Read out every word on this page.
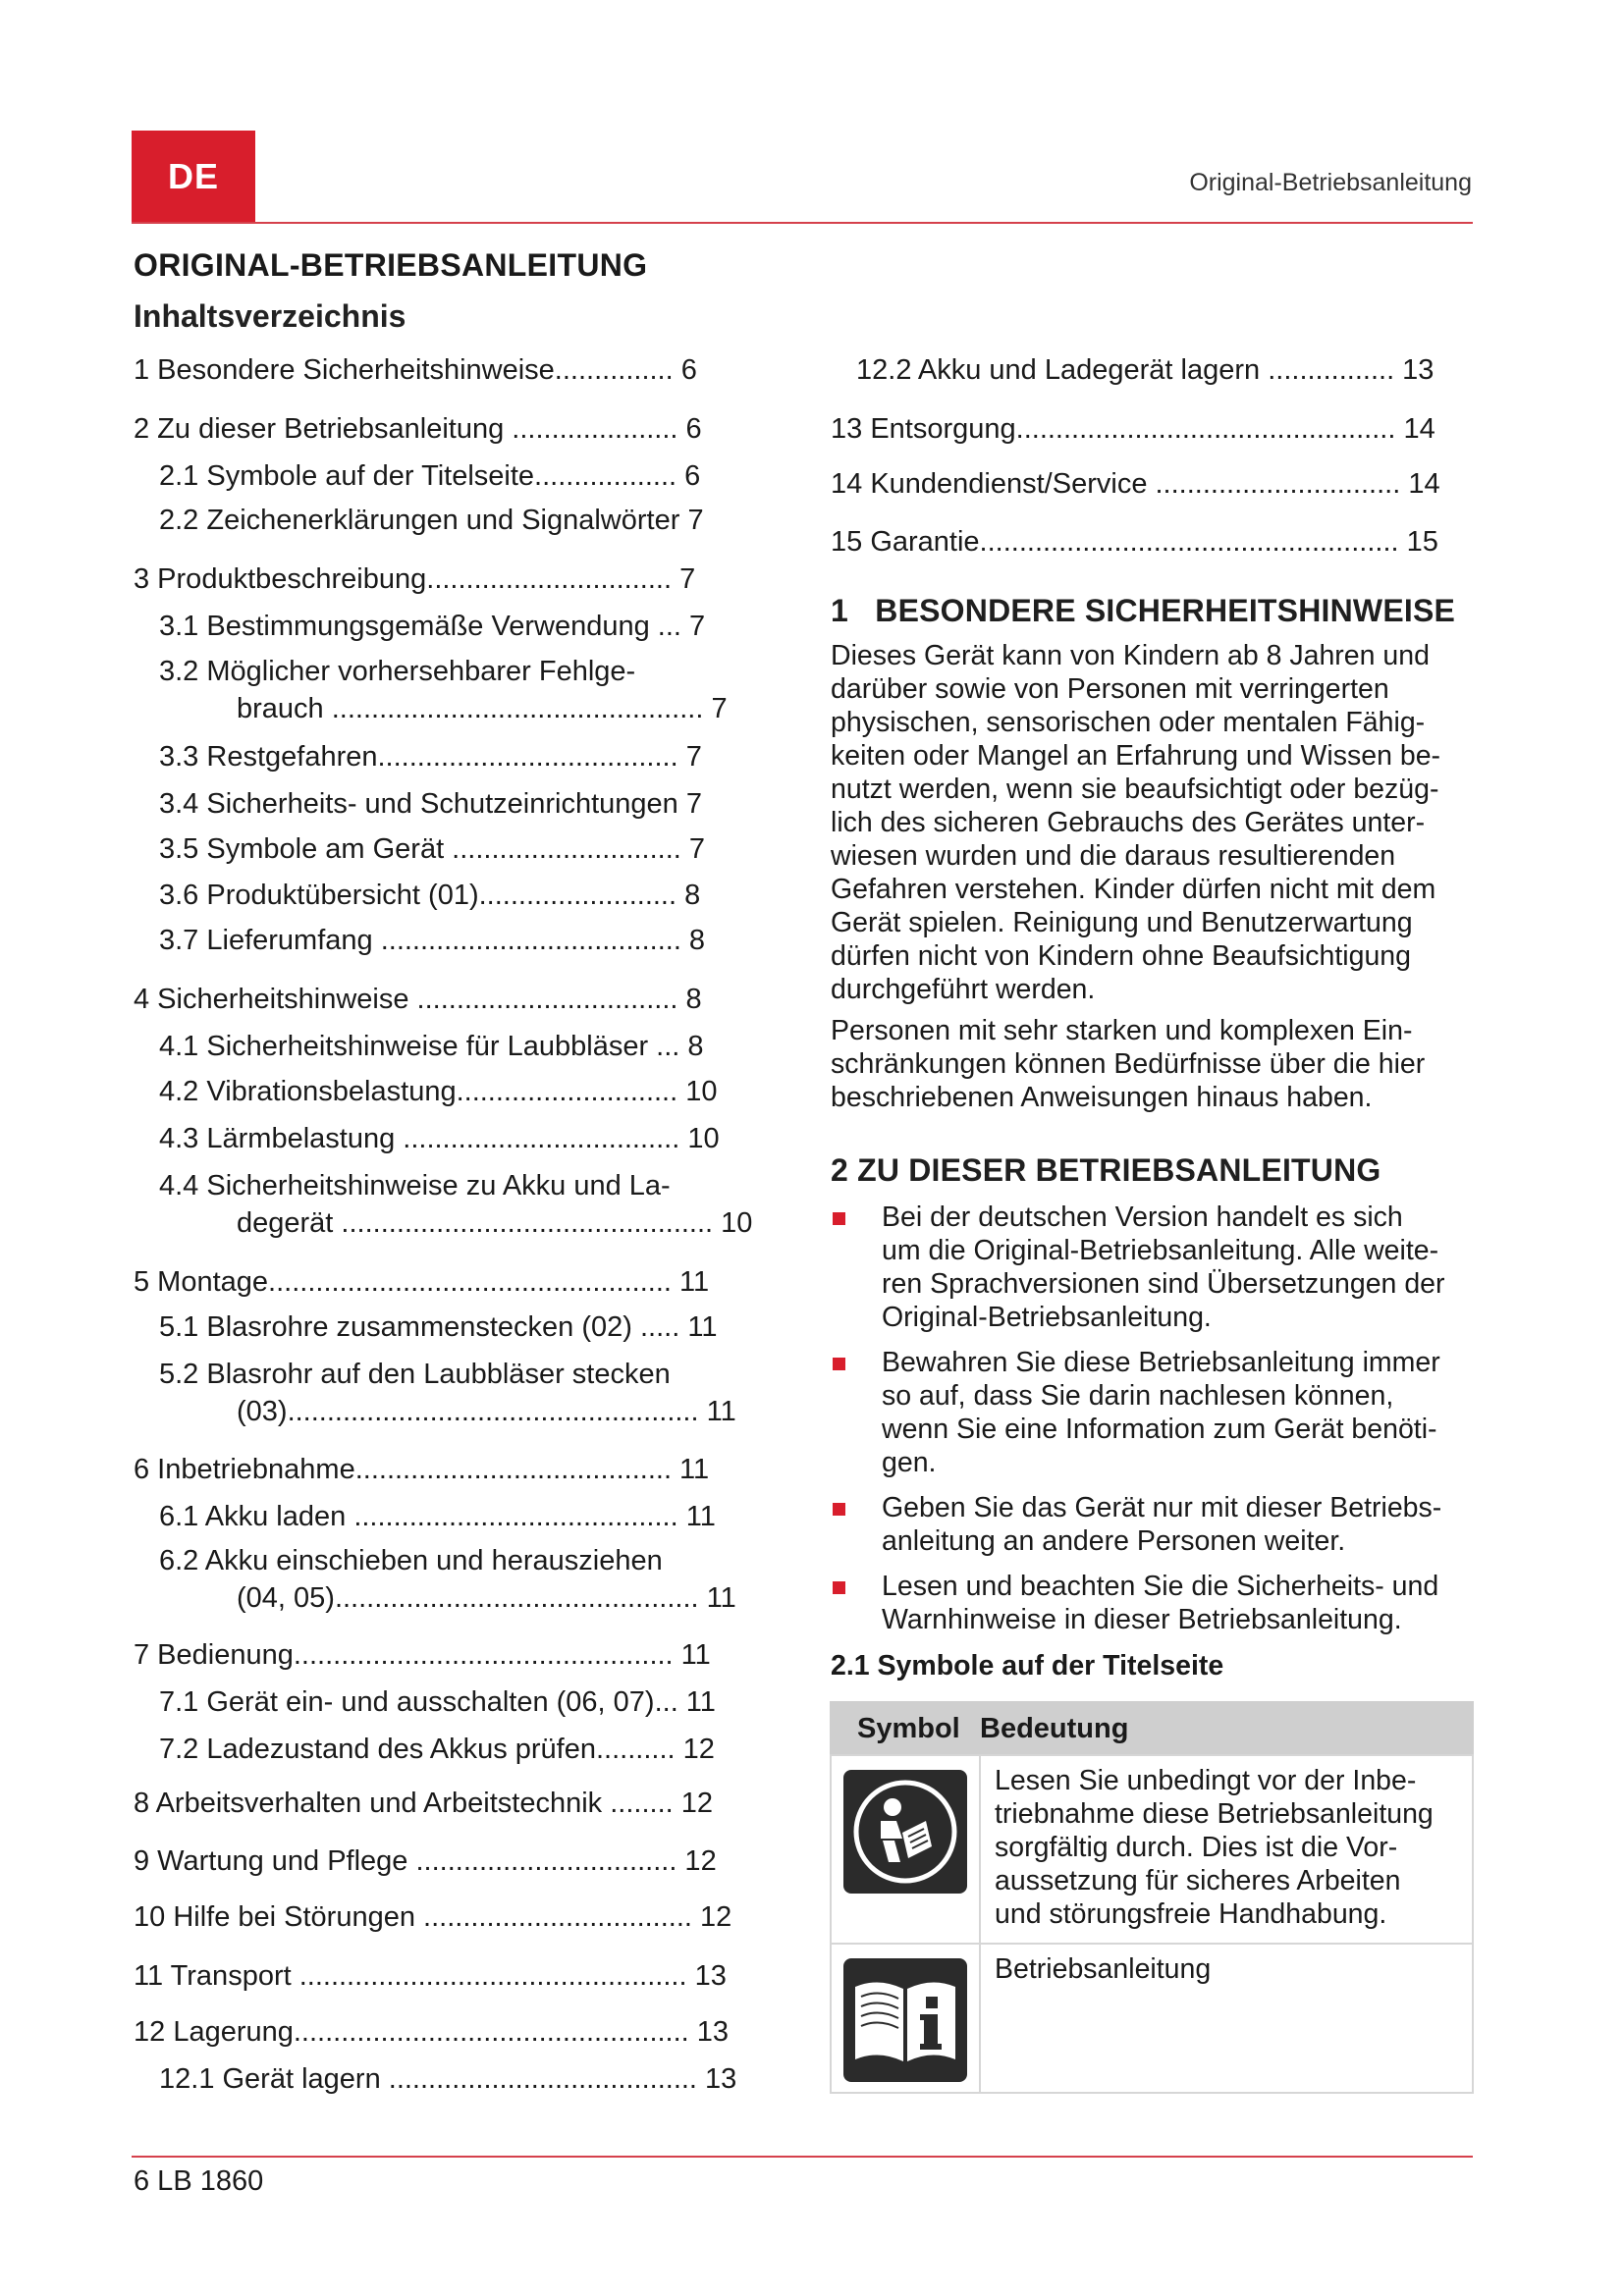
DE	Original-Betriebsanleitung
ORIGINAL-BETRIEBSANLEITUNG
Inhaltsverzeichnis
1 Besondere Sicherheitshinweise............... 6
2 Zu dieser Betriebsanleitung ..................... 6
2.1 Symbole auf der Titelseite.................. 6
2.2 Zeichenerklärungen und Signalwörter 7
3 Produktbeschreibung............................... 7
3.1 Bestimmungsgemäße Verwendung ... 7
3.2 Möglicher vorhersehbarer Fehlge-
brauch ............................................... 7
3.3 Restgefahren...................................... 7
3.4 Sicherheits- und Schutzeinrichtungen 7
3.5 Symbole am Gerät ............................. 7
3.6 Produktübersicht (01)......................... 8
3.7 Lieferumfang ...................................... 8
4 Sicherheitshinweise ................................. 8
4.1 Sicherheitshinweise für Laubbläser ... 8
4.2 Vibrationsbelastung............................ 10
4.3 Lärmbelastung ................................... 10
4.4 Sicherheitshinweise zu Akku und La-
degerät ............................................... 10
5 Montage................................................... 11
5.1 Blasrohre zusammenstecken (02) ..... 11
5.2 Blasrohr auf den Laubbläser stecken
(03).................................................... 11
6 Inbetriebnahme........................................ 11
6.1 Akku laden ......................................... 11
6.2 Akku einschieben und herausziehen
(04, 05).............................................. 11
7 Bedienung................................................ 11
7.1 Gerät ein- und ausschalten (06, 07)... 11
7.2 Ladezustand des Akkus prüfen.......... 12
8 Arbeitsverhalten und Arbeitstechnik ........ 12
9 Wartung und Pflege ................................. 12
10 Hilfe bei Störungen .................................. 12
11 Transport ................................................. 13
12 Lagerung.................................................. 13
12.1 Gerät lagern ....................................... 13
12.2 Akku und Ladegerät lagern ................ 13
13 Entsorgung................................................ 14
14 Kundendienst/Service ............................... 14
15 Garantie..................................................... 15
1   BESONDERE SICHERHEITSHINWEISE
Dieses Gerät kann von Kindern ab 8 Jahren und
darüber sowie von Personen mit verringerten
physischen, sensorischen oder mentalen Fähig-
keiten oder Mangel an Erfahrung und Wissen be-
nutzt werden, wenn sie beaufsichtigt oder bezüg-
lich des sicheren Gebrauchs des Gerätes unter-
wiesen wurden und die daraus resultierenden
Gefahren verstehen. Kinder dürfen nicht mit dem
Gerät spielen. Reinigung und Benutzerwartung
dürfen nicht von Kindern ohne Beaufsichtigung
durchgeführt werden.
Personen mit sehr starken und komplexen Ein-
schränkungen können Bedürfnisse über die hier
beschriebenen Anweisungen hinaus haben.
2 ZU DIESER BETRIEBSANLEITUNG
Bei der deutschen Version handelt es sich
um die Original-Betriebsanleitung. Alle weite-
ren Sprachversionen sind Übersetzungen der
Original-Betriebsanleitung.
Bewahren Sie diese Betriebsanleitung immer
so auf, dass Sie darin nachlesen können,
wenn Sie eine Information zum Gerät benöti-
gen.
Geben Sie das Gerät nur mit dieser Betriebs-
anleitung an andere Personen weiter.
Lesen und beachten Sie die Sicherheits- und
Warnhinweise in dieser Betriebsanleitung.
2.1 Symbole auf der Titelseite
Symbol	Bedeutung

Lesen Sie unbedingt vor der Inbe-
triebnahme diese Betriebsanleitung
sorgfältig durch. Dies ist die Vor-
aussetzung für sicheres Arbeiten
und störungsfreie Handhabung.

Betriebsanleitung
6 LB 1860
